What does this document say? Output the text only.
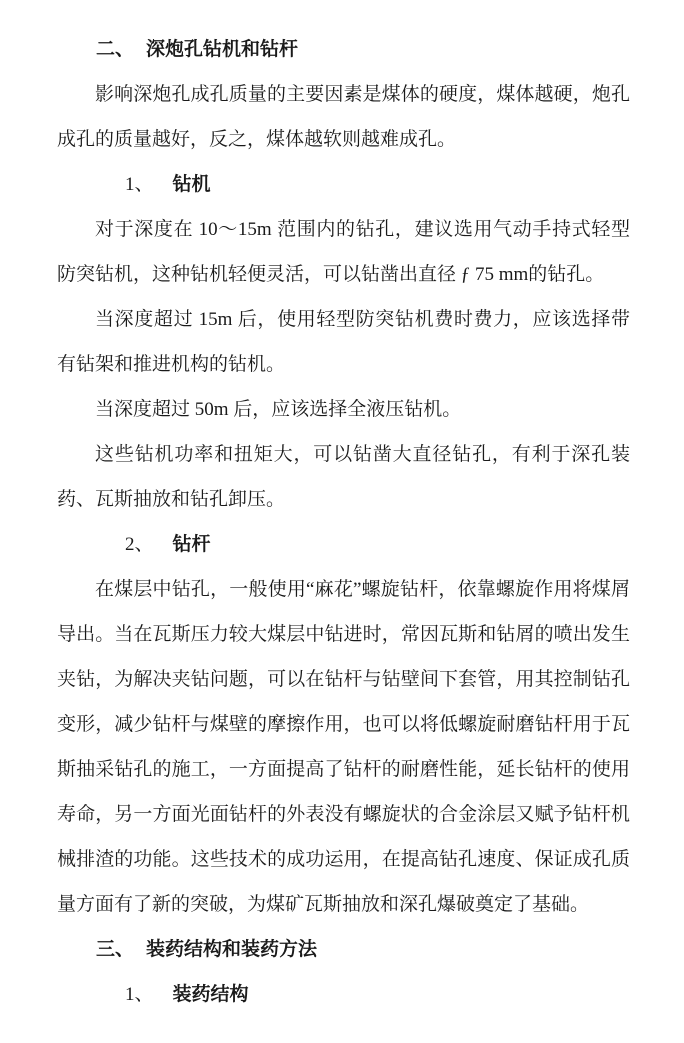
二、 深炮孔钻机和钻杆

影响深炮孔成孔质量的主要因素是煤体的硬度，煤体越硬，炮孔成孔的质量越好，反之，煤体越软则越难成孔。

1、 钻机

对于深度在 10～15m 范围内的钻孔，建议选用气动手持式轻型防突钻机，这种钻机轻便灵活，可以钻凿出直径 ƒ 75 mm的钻孔。

当深度超过 15m 后，使用轻型防突钻机费时费力，应该选择带有钻架和推进机构的钻机。

当深度超过 50m 后，应该选择全液压钻机。

这些钻机功率和扭矩大，可以钻凿大直径钻孔，有利于深孔装药、瓦斯抽放和钻孔卸压。

2、 钻杆

在煤层中钻孔，一般使用“麻花”螺旋钻杆，依靠螺旋作用将煤屑导出。当在瓦斯压力较大煤层中钻进时，常因瓦斯和钻屑的喷出发生夹钻，为解决夹钻问题，可以在钻杆与钻壁间下套管，用其控制钻孔变形，减少钻杆与煤壁的摩擦作用，也可以将低螺旋耐磨钻杆用于瓦斯抽采钻孔的施工，一方面提高了钻杆的耐磨性能，延长钻杆的使用寿命，另一方面光面钻杆的外表没有螺旋状的合金涂层又赋予钻杆机械排渣的功能。这些技术的成功运用，在提高钻孔速度、保证成孔质量方面有了新的突破，为煤矿瓦斯抽放和深孔爆破奠定了基础。

三、 装药结构和装药方法
1、 装药结构
